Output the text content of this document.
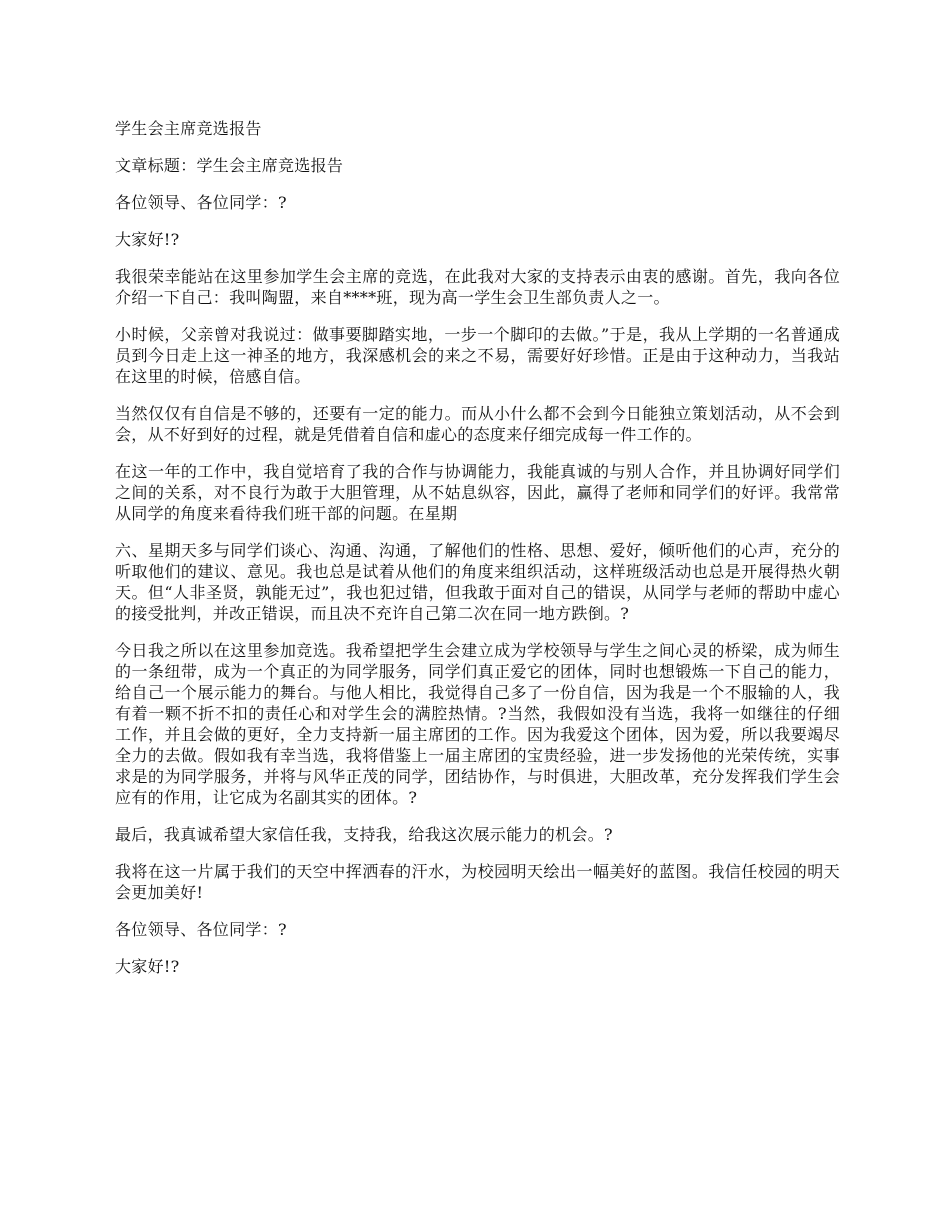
学生会主席竞选报告

文章标题：学生会主席竞选报告

各位领导、各位同学：?

大家好!?

我很荣幸能站在这里参加学生会主席的竞选，在此我对大家的支持表示由衷的感谢。首先，我向各位介绍一下自己：我叫陶盟，来自****班，现为高一学生会卫生部负责人之一。

小时候，父亲曾对我说过：做事要脚踏实地，一步一个脚印的去做。”于是，我从上学期的一名普通成员到今日走上这一神圣的地方，我深感机会的来之不易，需要好好珍惜。正是由于这种动力，当我站在这里的时候，倍感自信。

当然仅仅有自信是不够的，还要有一定的能力。而从小什么都不会到今日能独立策划活动，从不会到会，从不好到好的过程，就是凭借着自信和虚心的态度来仔细完成每一件工作的。

在这一年的工作中，我自觉培育了我的合作与协调能力，我能真诚的与别人合作，并且协调好同学们之间的关系，对不良行为敢于大胆管理，从不姑息纵容，因此，赢得了老师和同学们的好评。我常常从同学的角度来看待我们班干部的问题。在星期

六、星期天多与同学们谈心、沟通、沟通，了解他们的性格、思想、爱好，倾听他们的心声，充分的听取他们的建议、意见。我也总是试着从他们的角度来组织活动，这样班级活动也总是开展得热火朝天。但“人非圣贤，孰能无过”，我也犯过错，但我敢于面对自己的错误，从同学与老师的帮助中虚心的接受批判，并改正错误，而且决不充许自己第二次在同一地方跌倒。?

今日我之所以在这里参加竞选。我希望把学生会建立成为学校领导与学生之间心灵的桥梁，成为师生的一条纽带，成为一个真正的为同学服务，同学们真正爱它的团体，同时也想锻炼一下自己的能力，给自己一个展示能力的舞台。与他人相比，我觉得自己多了一份自信，因为我是一个不服输的人，我有着一颗不折不扣的责任心和对学生会的满腔热情。?当然，我假如没有当选，我将一如继往的仔细工作，并且会做的更好，全力支持新一届主席团的工作。因为我爱这个团体，因为爱，所以我要竭尽全力的去做。假如我有幸当选，我将借鉴上一届主席团的宝贵经验，进一步发扬他的光荣传统，实事求是的为同学服务，并将与风华正茂的同学，团结协作，与时俱进，大胆改革，充分发挥我们学生会应有的作用，让它成为名副其实的团体。?

最后，我真诚希望大家信任我，支持我，给我这次展示能力的机会。?

我将在这一片属于我们的天空中挥洒春的汗水，为校园明天绘出一幅美好的蓝图。我信任校园的明天会更加美好!

各位领导、各位同学：?

大家好!?
